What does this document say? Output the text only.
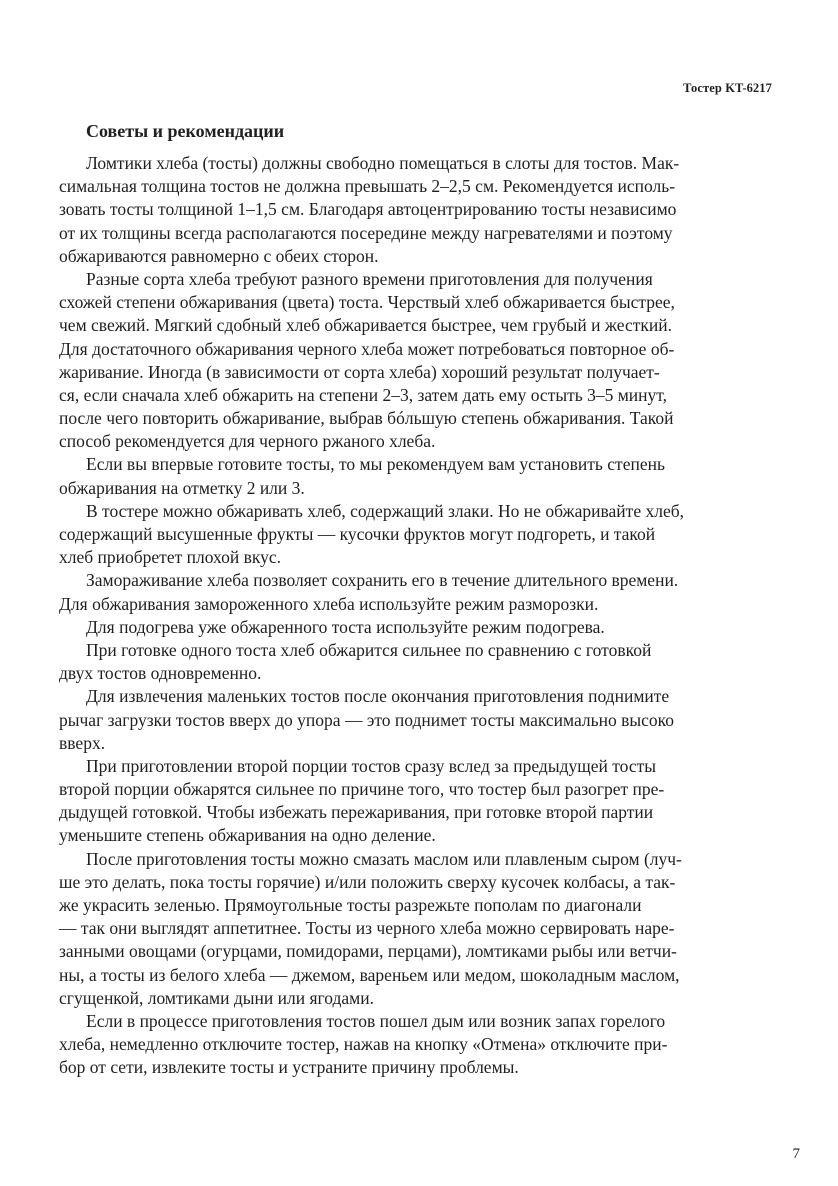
Тостер KT-6217
Советы и рекомендации
Ломтики хлеба (тосты) должны свободно помещаться в слоты для тостов. Мак-
симальная толщина тостов не должна превышать 2–2,5 см. Рекомендуется исполь-
зовать тосты толщиной 1–1,5 см. Благодаря автоцентрированию тосты независимо
от их толщины всегда располагаются посередине между нагревателями и поэтому
обжариваются равномерно с обеих сторон.
Разные сорта хлеба требуют разного времени приготовления для получения
схожей степени обжаривания (цвета) тоста. Черствый хлеб обжаривается быстрее,
чем свежий. Мягкий сдобный хлеб обжаривается быстрее, чем грубый и жесткий.
Для достаточного обжаривания черного хлеба может потребоваться повторное об-
жаривание. Иногда (в зависимости от сорта хлеба) хороший результат получает-
ся, если сначала хлеб обжарить на степени 2–3, затем дать ему остыть 3–5 минут,
после чего повторить обжаривание, выбрав бóльшую степень обжаривания. Такой
способ рекомендуется для черного ржаного хлеба.
Если вы впервые готовите тосты, то мы рекомендуем вам установить степень
обжаривания на отметку 2 или 3.
В тостере можно обжаривать хлеб, содержащий злаки. Но не обжаривайте хлеб,
содержащий высушенные фрукты — кусочки фруктов могут подгореть, и такой
хлеб приобретет плохой вкус.
Замораживание хлеба позволяет сохранить его в течение длительного времени.
Для обжаривания замороженного хлеба используйте режим разморозки.
Для подогрева уже обжаренного тоста используйте режим подогрева.
При готовке одного тоста хлеб обжарится сильнее по сравнению с готовкой
двух тостов одновременно.
Для извлечения маленьких тостов после окончания приготовления поднимите
рычаг загрузки тостов вверх до упора — это поднимет тосты максимально высоко
вверх.
При приготовлении второй порции тостов сразу вслед за предыдущей тосты
второй порции обжарятся сильнее по причине того, что тостер был разогрет пре-
дыдущей готовкой. Чтобы избежать пережаривания, при готовке второй партии
уменьшите степень обжаривания на одно деление.
После приготовления тосты можно смазать маслом или плавленым сыром (луч-
ше это делать, пока тосты горячие) и/или положить сверху кусочек колбасы, а так-
же украсить зеленью. Прямоугольные тосты разрежьте пополам по диагонали
— так они выглядят аппетитнее. Тосты из черного хлеба можно сервировать наре-
занными овощами (огурцами, помидорами, перцами), ломтиками рыбы или ветчи-
ны, а тосты из белого хлеба — джемом, вареньем или медом, шоколадным маслом,
сгущенкой, ломтиками дыни или ягодами.
Если в процессе приготовления тостов пошел дым или возник запах горелого
хлеба, немедленно отключите тостер, нажав на кнопку «Отмена» отключите при-
бор от сети, извлеките тосты и устраните причину проблемы.
7
